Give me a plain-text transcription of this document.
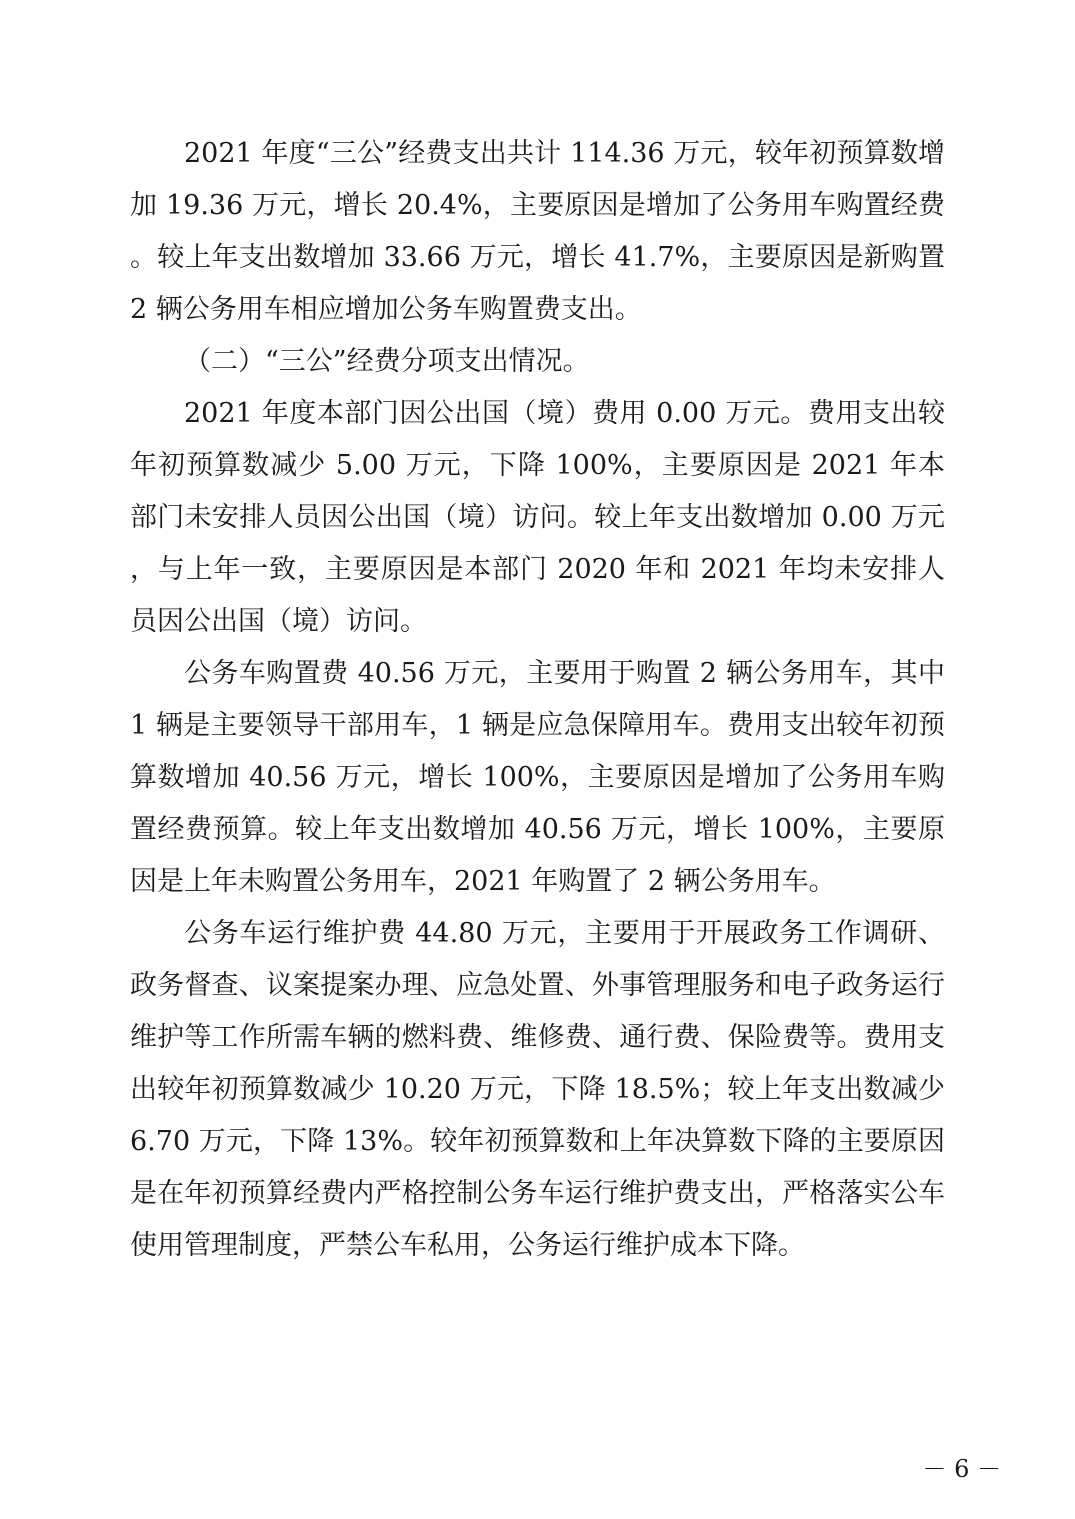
2021 年度“三公”经费支出共计 114.36 万元，较年初预算数增加 19.36 万元，增长 20.4%，主要原因是增加了公务用车购置经费。较上年支出数增加 33.66 万元，增长 41.7%，主要原因是新购置 2 辆公务用车相应增加公务车购置费支出。

（二）“三公”经费分项支出情况。

2021 年度本部门因公出国（境）费用 0.00 万元。费用支出较年初预算数减少 5.00 万元，下降 100%，主要原因是 2021 年本部门未安排人员因公出国（境）访问。较上年支出数增加 0.00 万元，与上年一致，主要原因是本部门 2020 年和 2021 年均未安排人员因公出国（境）访问。

公务车购置费 40.56 万元，主要用于购置 2 辆公务用车，其中 1 辆是主要领导干部用车，1 辆是应急保障用车。费用支出较年初预算数增加 40.56 万元，增长 100%，主要原因是增加了公务用车购置经费预算。较上年支出数增加 40.56 万元，增长 100%，主要原因是上年未购置公务用车，2021 年购置了 2 辆公务用车。

公务车运行维护费 44.80 万元，主要用于开展政务工作调研、政务督查、议案提案办理、应急处置、外事管理服务和电子政务运行维护等工作所需车辆的燃料费、维修费、通行费、保险费等。费用支出较年初预算数减少 10.20 万元，下降 18.5%；较上年支出数减少 6.70 万元，下降 13%。较年初预算数和上年决算数下降的主要原因是在年初预算经费内严格控制公务车运行维护费支出，严格落实公车使用管理制度，严禁公车私用，公务运行维护成本下降。

－ 6 －
